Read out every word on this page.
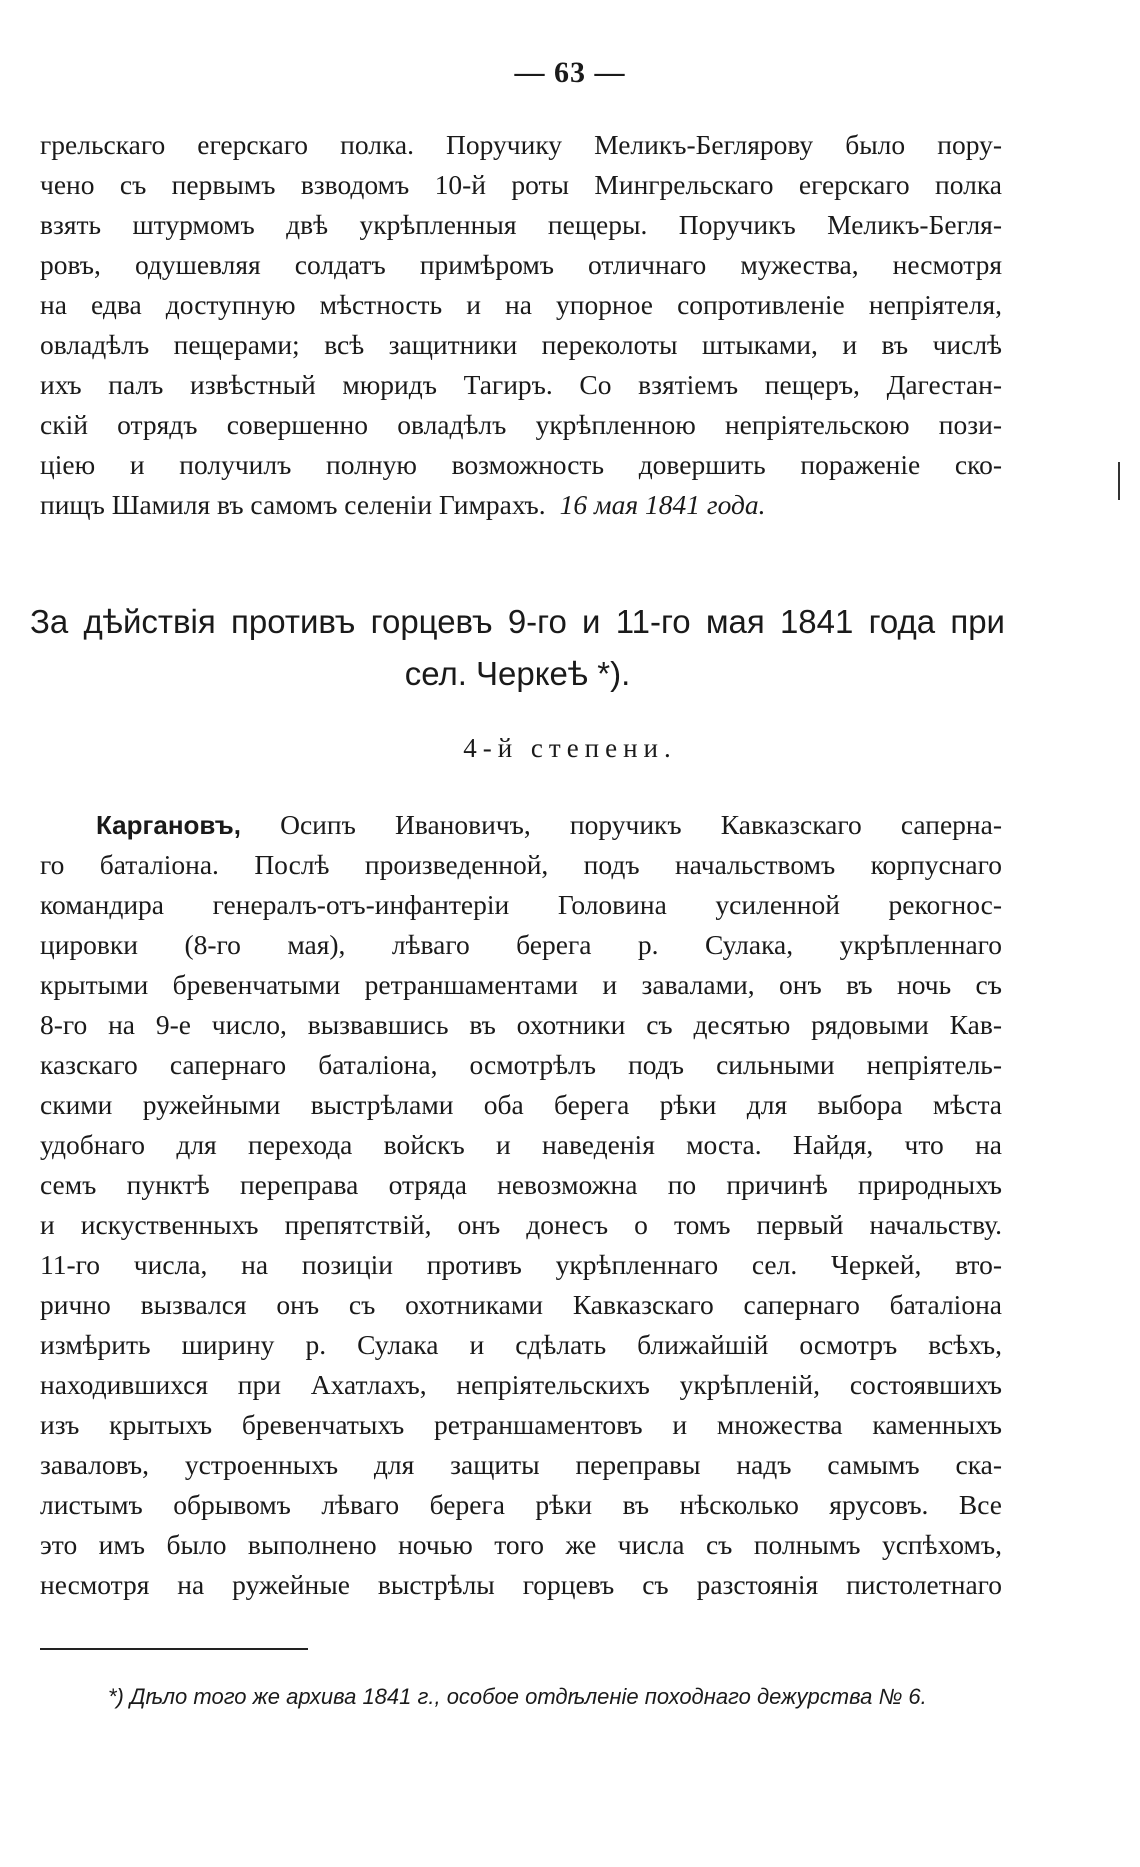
— 63 —
грельскаго егерскаго полка. Поручику Меликъ-Беглярову было пору-
чено съ первымъ взводомъ 10-й роты Мингрельскаго егерскаго полка
взять штурмомъ двѣ укрѣпленныя пещеры. Поручикъ Меликъ-Бегля-
ровъ, одушевляя солдатъ примѣромъ отличнаго мужества, несмотря
на едва доступную мѣстность и на упорное сопротивленіе непріятеля,
овладѣлъ пещерами; всѣ защитники переколоты штыками, и въ числѣ
ихъ палъ извѣстный мюридъ Тагиръ. Со взятіемъ пещеръ, Дагестан-
скій отрядъ совершенно овладѣлъ укрѣпленною непріятельскою пози-
ціею и получилъ полную возможность довершить пораженіе ско-
пищъ Шамиля въ самомъ селеніи Гимрахъ. 16 мая 1841 года.
За дѣйствія противъ горцевъ 9-го и 11-го мая 1841 года при
сел. Черкеѣ *).
4-й степени.
Каргановъ, Осипъ Ивановичъ, поручикъ Кавказскаго саперна-
го баталіона. Послѣ произведенной, подъ начальствомъ корпуснаго
командира генералъ-отъ-инфантеріи Головина усиленной рекогнос-
цировки (8-го мая), лѣваго берега р. Сулака, укрѣпленнаго
крытыми бревенчатыми ретраншаментами и завалами, онъ въ ночь съ
8-го на 9-е число, вызвавшись въ охотники съ десятью рядовыми Кав-
казскаго сапернаго баталіона, осмотрѣлъ подъ сильными непріятель-
скими ружейными выстрѣлами оба берега рѣки для выбора мѣста
удобнаго для перехода войскъ и наведенія моста. Найдя, что на
семъ пунктѣ переправа отряда невозможна по причинѣ природныхъ
и искуственныхъ препятствій, онъ донесъ о томъ первый начальству.
11-го числа, на позиціи противъ укрѣпленнаго сел. Черкей, вто-
рично вызвался онъ съ охотниками Кавказскаго сапернаго баталіона
измѣрить ширину р. Сулака и сдѣлать ближайшій осмотръ всѣхъ,
находившихся при Ахатлахъ, непріятельскихъ укрѣпленій, состоявшихъ
изъ крытыхъ бревенчатыхъ ретраншаментовъ и множества каменныхъ
заваловъ, устроенныхъ для защиты переправы надъ самымъ ска-
листымъ обрывомъ лѣваго берега рѣки въ нѣсколько ярусовъ. Все
это имъ было выполнено ночью того же числа съ полнымъ успѣхомъ,
несмотря на ружейные выстрѣлы горцевъ съ разстоянія пистолетнаго
*) Дѣло того же архива 1841 г., особое отдѣленіе походнаго дежурства № 6.
